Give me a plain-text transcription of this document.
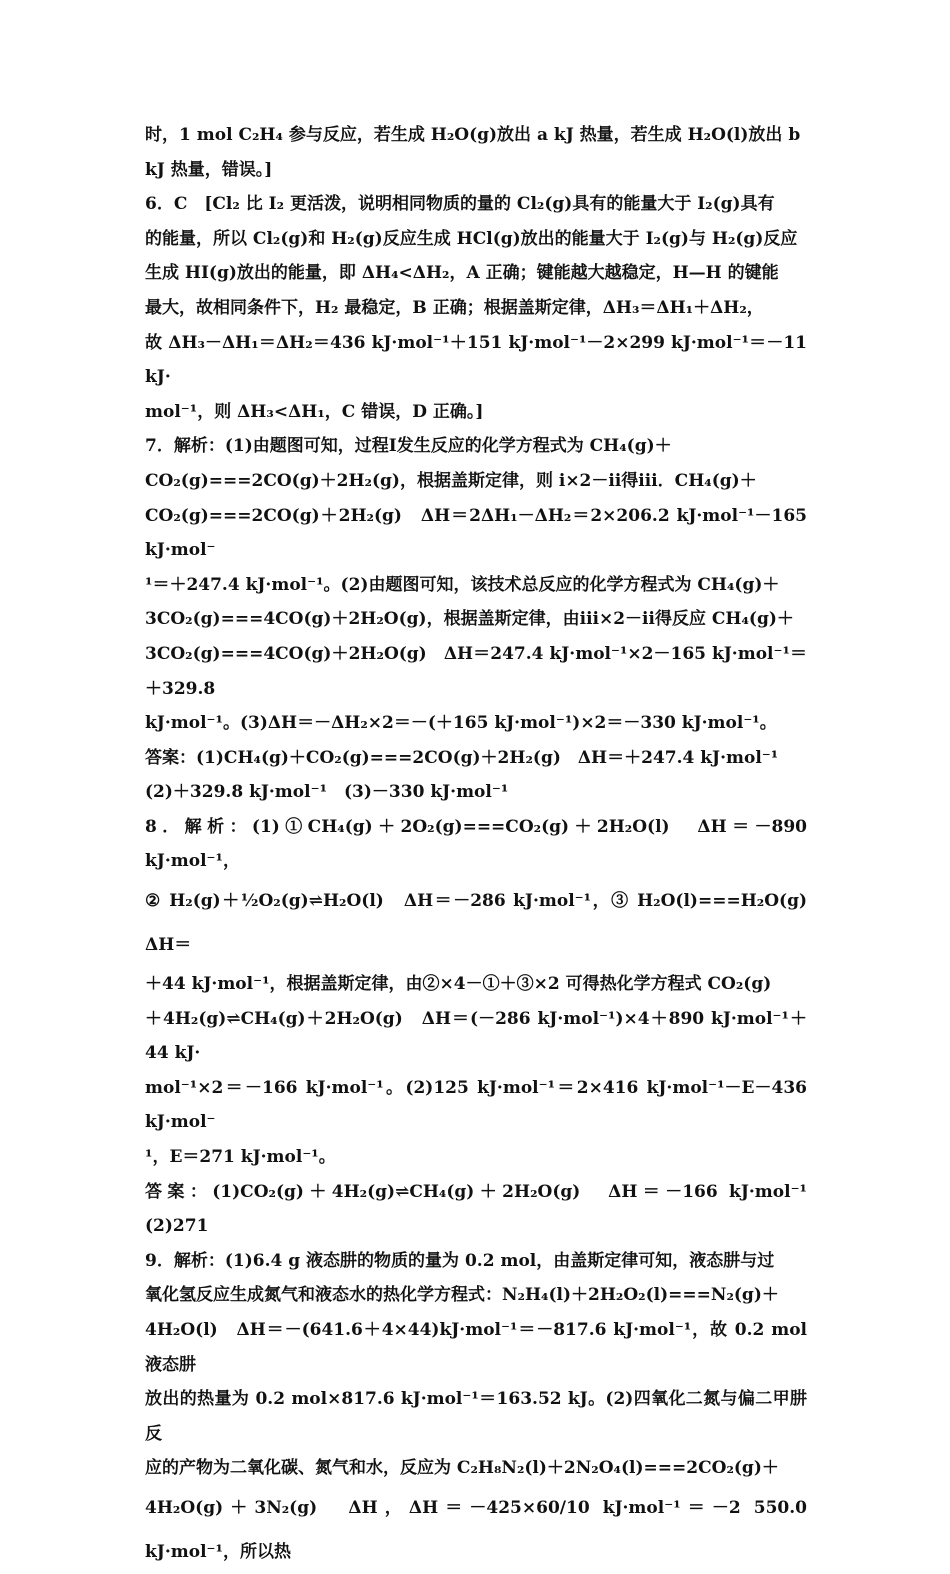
时，1 mol C₂H₄ 参与反应，若生成 H₂O(g)放出 a kJ 热量，若生成 H₂O(l)放出 b
kJ 热量，错误。]
6．C　[Cl₂ 比 I₂ 更活泼，说明相同物质的量的 Cl₂(g)具有的能量大于 I₂(g)具有
的能量，所以 Cl₂(g)和 H₂(g)反应生成 HCl(g)放出的能量大于 I₂(g)与 H₂(g)反应
生成 HI(g)放出的能量，即 ΔH₄<ΔH₂，A 正确；键能越大越稳定，H—H 的键能
最大，故相同条件下，H₂ 最稳定，B 正确；根据盖斯定律，ΔH₃＝ΔH₁＋ΔH₂，
故 ΔH₃－ΔH₁＝ΔH₂＝436 kJ·mol⁻¹＋151 kJ·mol⁻¹－2×299 kJ·mol⁻¹＝－11 kJ·
mol⁻¹，则 ΔH₃<ΔH₁，C 错误，D 正确。]
7．解析：(1)由题图可知，过程Ⅰ发生反应的化学方程式为 CH₄(g)＋
CO₂(g)===2CO(g)＋2H₂(g)，根据盖斯定律，则 ⅰ×2－ⅱ得ⅲ．CH₄(g)＋
CO₂(g)===2CO(g)＋2H₂(g)　ΔH＝2ΔH₁－ΔH₂＝2×206.2 kJ·mol⁻¹－165 kJ·mol⁻
¹＝＋247.4 kJ·mol⁻¹。(2)由题图可知，该技术总反应的化学方程式为 CH₄(g)＋
3CO₂(g)===4CO(g)＋2H₂O(g)，根据盖斯定律，由ⅲ×2－ⅱ得反应 CH₄(g)＋
3CO₂(g)===4CO(g)＋2H₂O(g)　ΔH＝247.4 kJ·mol⁻¹×2－165 kJ·mol⁻¹＝＋329.8
kJ·mol⁻¹。(3)ΔH＝－ΔH₂×2＝－(＋165 kJ·mol⁻¹)×2＝－330 kJ·mol⁻¹。
答案：(1)CH₄(g)＋CO₂(g)===2CO(g)＋2H₂(g)　ΔH＝＋247.4 kJ·mol⁻¹
(2)＋329.8 kJ·mol⁻¹　(3)－330 kJ·mol⁻¹
8．解析：(1)①CH₄(g)＋2O₂(g)===CO₂(g)＋2H₂O(l)　ΔH＝－890 kJ·mol⁻¹，
② H₂(g)＋½O₂(g)⇌H₂O(l)　ΔH＝－286 kJ·mol⁻¹，③ H₂O(l)===H₂O(g)　ΔH＝
＋44 kJ·mol⁻¹，根据盖斯定律，由②×4－①＋③×2 可得热化学方程式 CO₂(g)
＋4H₂(g)⇌CH₄(g)＋2H₂O(g)　ΔH＝(－286 kJ·mol⁻¹)×4＋890 kJ·mol⁻¹＋44 kJ·
mol⁻¹×2＝－166 kJ·mol⁻¹。(2)125 kJ·mol⁻¹＝2×416 kJ·mol⁻¹－E－436 kJ·mol⁻
¹，E＝271 kJ·mol⁻¹。
答案：(1)CO₂(g)＋4H₂(g)⇌CH₄(g)＋2H₂O(g)　ΔH＝－166 kJ·mol⁻¹　(2)271
9．解析：(1)6.4 g 液态肼的物质的量为 0.2 mol，由盖斯定律可知，液态肼与过
氧化氢反应生成氮气和液态水的热化学方程式：N₂H₄(l)＋2H₂O₂(l)===N₂(g)＋
4H₂O(l)　ΔH＝－(641.6＋4×44)kJ·mol⁻¹＝－817.6 kJ·mol⁻¹，故 0.2 mol 液态肼
放出的热量为 0.2 mol×817.6 kJ·mol⁻¹＝163.52 kJ。(2)四氧化二氮与偏二甲肼反
应的产物为二氧化碳、氮气和水，反应为 C₂H₈N₂(l)＋2N₂O₄(l)===2CO₂(g)＋
4H₂O(g)＋3N₂(g)　ΔH，ΔH＝－425×60/10 kJ·mol⁻¹＝－2 550.0 kJ·mol⁻¹，所以热
